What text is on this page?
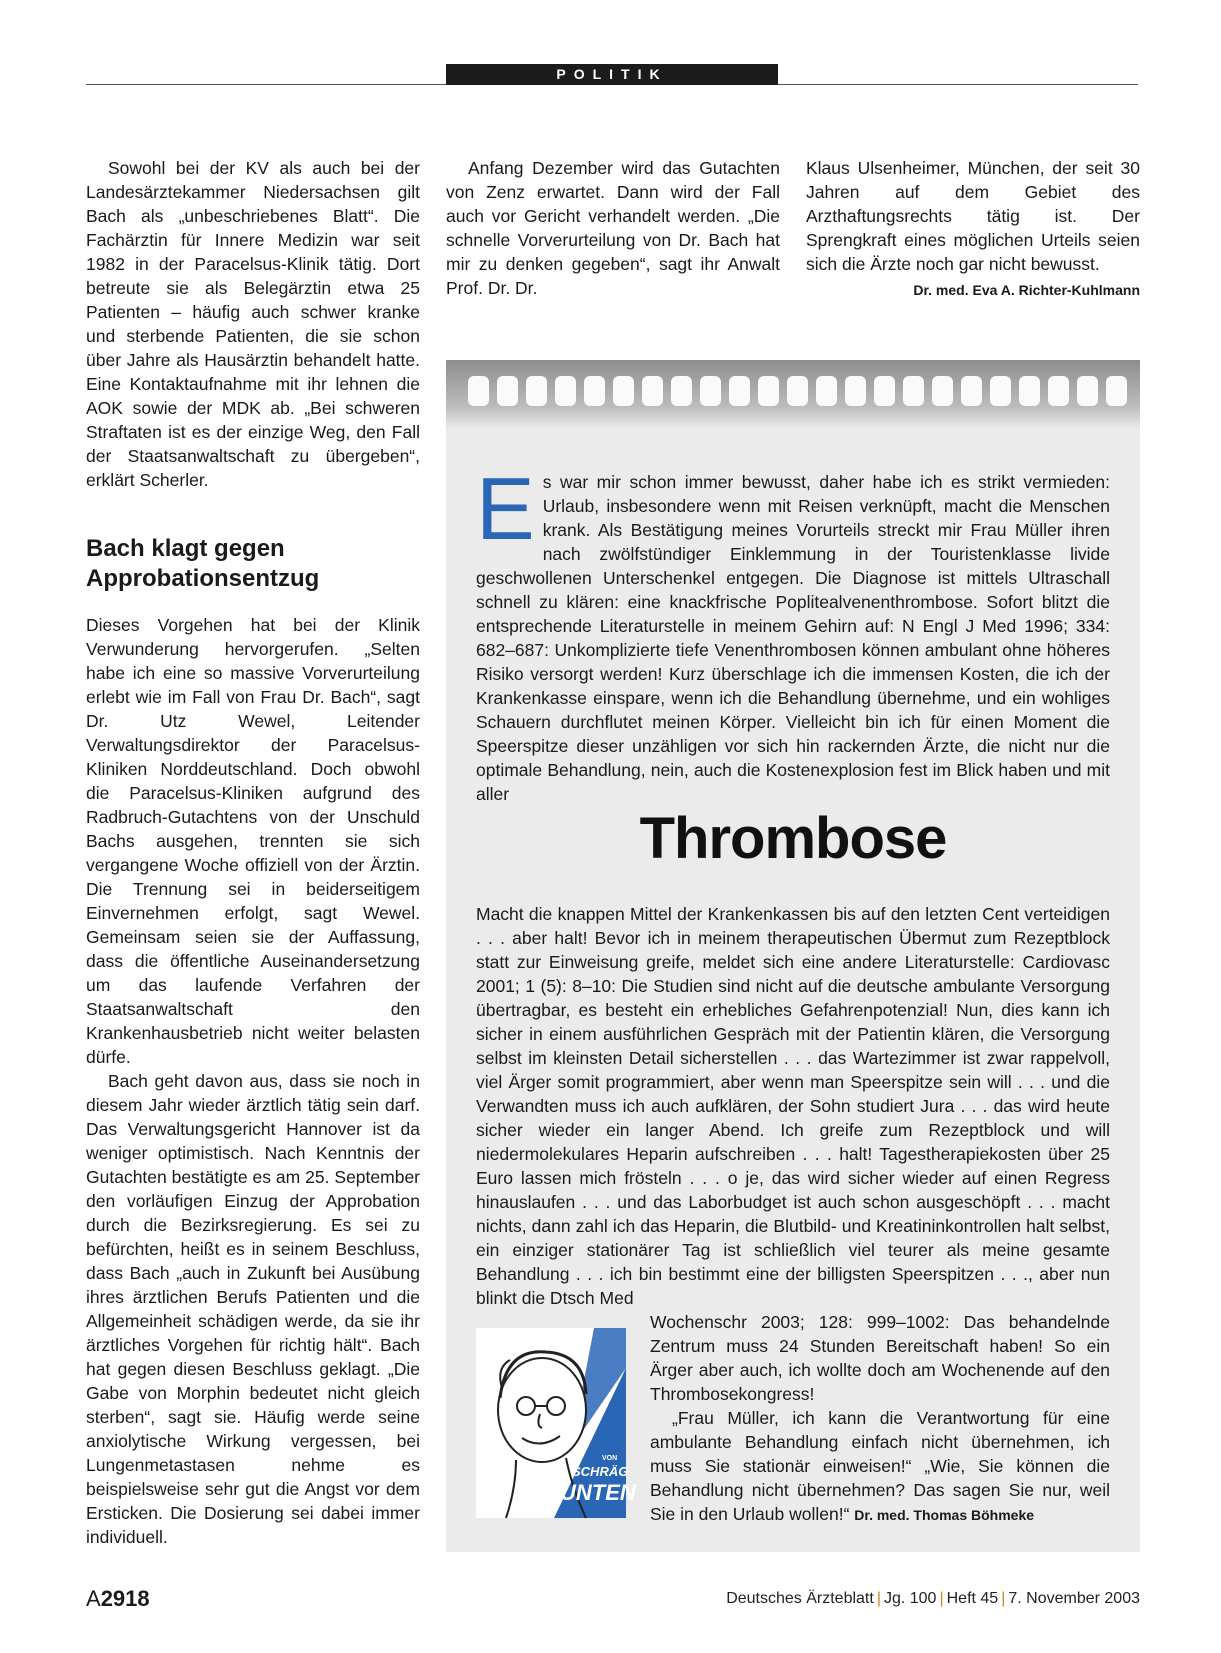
POLITIK

Sowohl bei der KV als auch bei der Landesärztekammer Niedersachsen gilt Bach als „unbeschriebenes Blatt“. Die Fachärztin für Innere Medizin war seit 1982 in der Paracelsus-Klinik tätig. Dort betreute sie als Belegärztin etwa 25 Patienten – häufig auch schwer kranke und sterbende Patienten, die sie schon über Jahre als Hausärztin behandelt hatte. Eine Kontaktaufnahme mit ihr lehnen die AOK sowie der MDK ab. „Bei schweren Straftaten ist es der einzige Weg, den Fall der Staatsanwaltschaft zu übergeben“, erklärt Scherler.

Bach klagt gegen Approbationsentzug

Dieses Vorgehen hat bei der Klinik Verwunderung hervorgerufen. „Selten habe ich eine so massive Vorverurteilung erlebt wie im Fall von Frau Dr. Bach“, sagt Dr. Utz Wewel, Leitender Verwaltungsdirektor der Paracelsus-Kliniken Norddeutschland. Doch obwohl die Paracelsus-Kliniken aufgrund des Radbruch-Gutachtens von der Unschuld Bachs ausgehen, trennten sie sich vergangene Woche offiziell von der Ärztin. Die Trennung sei in beiderseitigem Einvernehmen erfolgt, sagt Wewel. Gemeinsam seien sie der Auffassung, dass die öffentliche Auseinandersetzung um das laufende Verfahren der Staatsanwaltschaft den Krankenhausbetrieb nicht weiter belasten dürfe.

Bach geht davon aus, dass sie noch in diesem Jahr wieder ärztlich tätig sein darf. Das Verwaltungsgericht Hannover ist da weniger optimistisch. Nach Kenntnis der Gutachten bestätigte es am 25. September den vorläufigen Einzug der Approbation durch die Bezirksregierung. Es sei zu befürchten, heißt es in seinem Beschluss, dass Bach „auch in Zukunft bei Ausübung ihres ärztlichen Berufs Patienten und die Allgemeinheit schädigen werde, da sie ihr ärztliches Vorgehen für richtig hält“. Bach hat gegen diesen Beschluss geklagt. „Die Gabe von Morphin bedeutet nicht gleich sterben“, sagt sie. Häufig werde seine anxiolytische Wirkung vergessen, bei Lungenmetastasen nehme es beispielsweise sehr gut die Angst vor dem Ersticken. Die Dosierung sei dabei immer individuell.

Anfang Dezember wird das Gutachten von Zenz erwartet. Dann wird der Fall auch vor Gericht verhandelt werden. „Die schnelle Vorverurteilung von Dr. Bach hat mir zu denken gegeben“, sagt ihr Anwalt Prof. Dr. Dr.

Klaus Ulsenheimer, München, der seit 30 Jahren auf dem Gebiet des Arzthaftungsrechts tätig ist. Der Sprengkraft eines möglichen Urteils seien sich die Ärzte noch gar nicht bewusst.

Dr. med. Eva A. Richter-Kuhlmann
Es war mir schon immer bewusst, daher habe ich es strikt vermieden: Urlaub, insbesondere wenn mit Reisen verknüpft, macht die Menschen krank. Als Bestätigung meines Vorurteils streckt mir Frau Müller ihren nach zwölfstündiger Einklemmung in der Touristenklasse livide geschwollenen Unterschenkel entgegen. Die Diagnose ist mittels Ultraschall schnell zu klären: eine knackfrische Poplitealvenenthrombose. Sofort blitzt die entsprechende Literaturstelle in meinem Gehirn auf: N Engl J Med 1996; 334: 682–687: Unkomplizierte tiefe Venenthrombosen können ambulant ohne höheres Risiko versorgt werden! Kurz überschlage ich die immensen Kosten, die ich der Krankenkasse einspare, wenn ich die Behandlung übernehme, und ein wohliges Schauern durchflutet meinen Körper. Vielleicht bin ich für einen Moment die Speerspitze dieser unzähligen vor sich hin rackernden Ärzte, die nicht nur die optimale Behandlung, nein, auch die Kostenexplosion fest im Blick haben und mit aller
Thrombose
Macht die knappen Mittel der Krankenkassen bis auf den letzten Cent verteidigen . . . aber halt! Bevor ich in meinem therapeutischen Übermut zum Rezeptblock statt zur Einweisung greife, meldet sich eine andere Literaturstelle: Cardiovasc 2001; 1 (5): 8–10: Die Studien sind nicht auf die deutsche ambulante Versorgung übertragbar, es besteht ein erhebliches Gefahrenpotenzial! Nun, dies kann ich sicher in einem ausführlichen Gespräch mit der Patientin klären, die Versorgung selbst im kleinsten Detail sicherstellen . . . das Wartezimmer ist zwar rappelvoll, viel Ärger somit programmiert, aber wenn man Speerspitze sein will . . . und die Verwandten muss ich auch aufklären, der Sohn studiert Jura . . . das wird heute sicher wieder ein langer Abend. Ich greife zum Rezeptblock und will niedermolekulares Heparin aufschreiben . . . halt! Tagestherapiekosten über 25 Euro lassen mich frösteln . . . o je, das wird sicher wieder auf einen Regress hinauslaufen . . . und das Laborbudget ist auch schon ausgeschöpft . . . macht nichts, dann zahl ich das Heparin, die Blutbild- und Kreatininkontrollen halt selbst, ein einziger stationärer Tag ist schließlich viel teurer als meine gesamte Behandlung . . . ich bin bestimmt eine der billigsten Speerspitzen . . ., aber nun blinkt die Dtsch Med

Wochenschr 2003; 128: 999–1002: Das behandelnde Zentrum muss 24 Stunden Bereitschaft haben! So ein Ärger aber auch, ich wollte doch am Wochenende auf den Thrombosekongress!

„Frau Müller, ich kann die Verantwortung für eine ambulante Behandlung einfach nicht übernehmen, ich muss Sie stationär einweisen!“ „Wie, Sie können die Behandlung nicht übernehmen? Das sagen Sie nur, weil Sie in den Urlaub wollen!“ Dr. med. Thomas Böhmeke

VON
SCHRÄG
UNTEN
A2918	Deutsches Ärzteblatt | Jg. 100 | Heft 45 | 7. November 2003
